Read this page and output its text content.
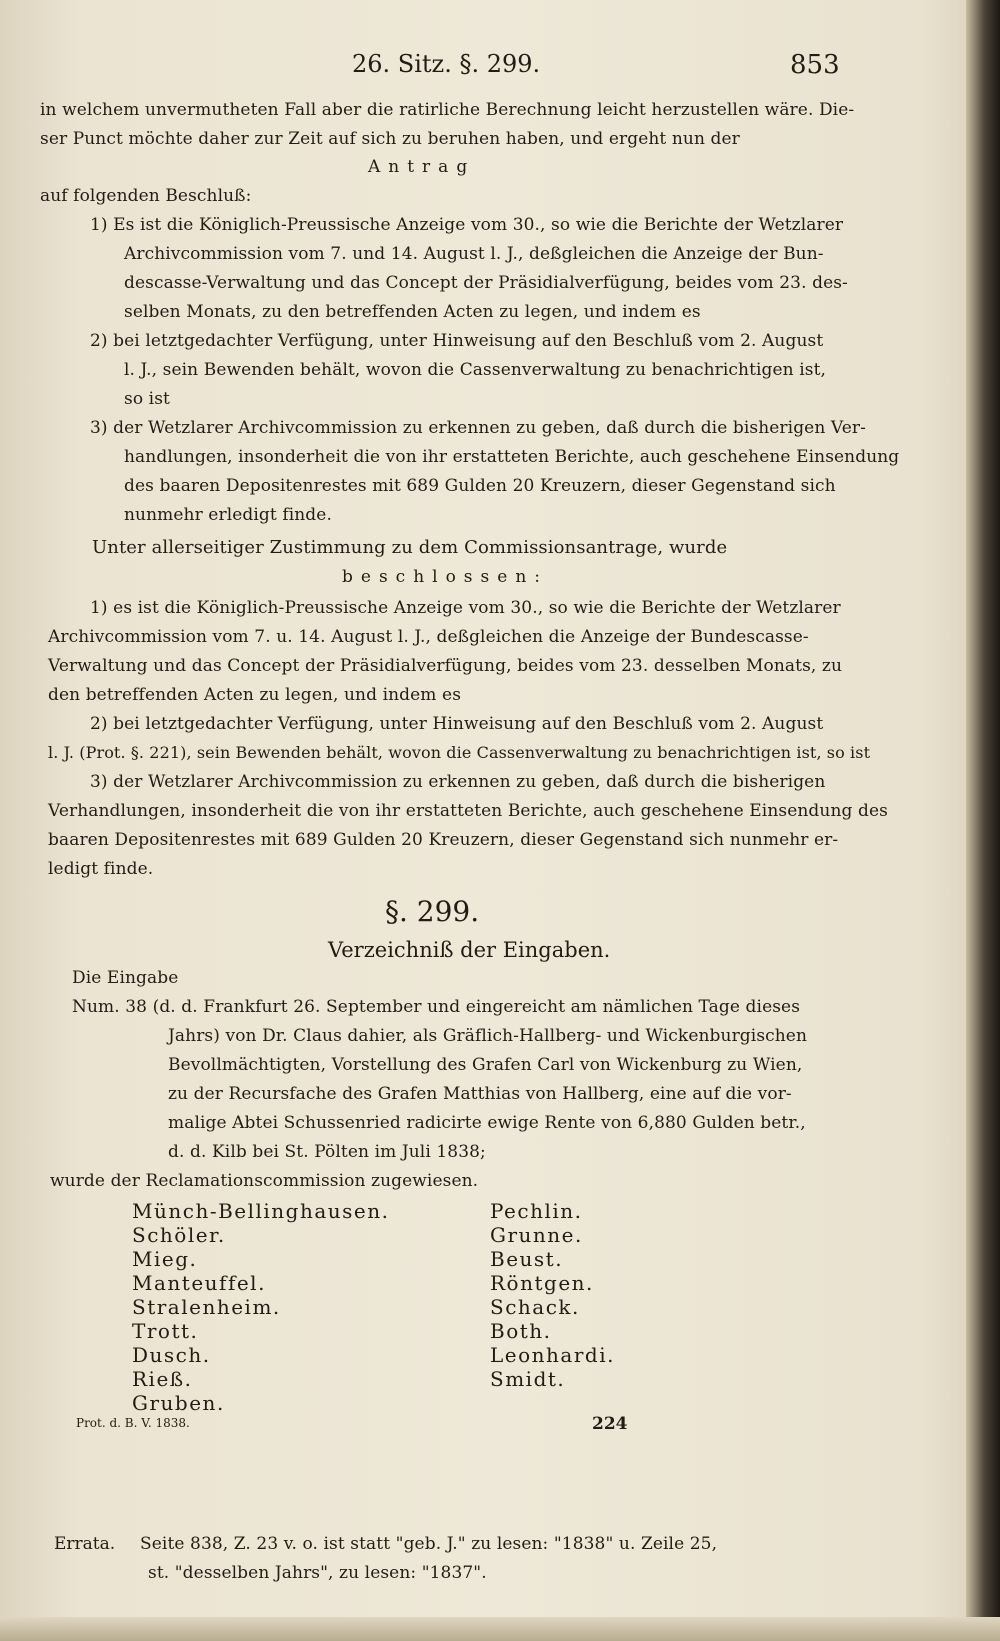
26. Sitz. §. 299.	853
in welchem unvermutheten Fall aber die ratirliche Berechnung leicht herzustellen wäre. Die-
ser Punct möchte daher zur Zeit auf sich zu beruhen haben, und ergeht nun der
Antrag
auf folgenden Beschluß:
1) Es ist die Königlich-Preussische Anzeige vom 30., so wie die Berichte der Wetzlarer
Archivcommission vom 7. und 14. August l. J., deßgleichen die Anzeige der Bun-
descasse-Verwaltung und das Concept der Präsidialverfügung, beides vom 23. des-
selben Monats, zu den betreffenden Acten zu legen, und indem es
2) bei letztgedachter Verfügung, unter Hinweisung auf den Beschluß vom 2. August
l. J., sein Bewenden behält, wovon die Cassenverwaltung zu benachrichtigen ist,
so ist
3) der Wetzlarer Archivcommission zu erkennen zu geben, daß durch die bisherigen Ver-
handlungen, insonderheit die von ihr erstatteten Berichte, auch geschehene Einsendung
des baaren Depositenrestes mit 689 Gulden 20 Kreuzern, dieser Gegenstand sich
nunmehr erledigt finde.
Unter allerseitiger Zustimmung zu dem Commissionsantrage, wurde
beschlossen:
1) es ist die Königlich-Preussische Anzeige vom 30., so wie die Berichte der Wetzlarer
Archivcommission vom 7. u. 14. August l. J., deßgleichen die Anzeige der Bundescasse-
Verwaltung und das Concept der Präsidialverfügung, beides vom 23. desselben Monats, zu
den betreffenden Acten zu legen, und indem es
2) bei letztgedachter Verfügung, unter Hinweisung auf den Beschluß vom 2. August
l. J. (Prot. §. 221), sein Bewenden behält, wovon die Cassenverwaltung zu benachrichtigen ist, so ist
3) der Wetzlarer Archivcommission zu erkennen zu geben, daß durch die bisherigen
Verhandlungen, insonderheit die von ihr erstatteten Berichte, auch geschehene Einsendung des
baaren Depositenrestes mit 689 Gulden 20 Kreuzern, dieser Gegenstand sich nunmehr er-
ledigt finde.
§. 299.
Verzeichniß der Eingaben.
Die Eingabe
Num. 38 (d. d. Frankfurt 26. September und eingereicht am nämlichen Tage dieses
Jahrs) von Dr. Claus dahier, als Gräflich-Hallberg- und Wickenburgischen
Bevollmächtigten, Vorstellung des Grafen Carl von Wickenburg zu Wien,
zu der Recursfache des Grafen Matthias von Hallberg, eine auf die vor-
malige Abtei Schussenried radicirte ewige Rente von 6,880 Gulden betr.,
d. d. Kilb bei St. Pölten im Juli 1838;
wurde der Reclamationscommission zugewiesen.
Münch-Bellinghausen.
Schöler.
Mieg.
Manteuffel.
Stralenheim.
Trott.
Dusch.
Rieß.
Gruben.
Pechlin.
Grunne.
Beust.
Röntgen.
Schack.
Both.
Leonhardi.
Smidt.
Prot. d. B. V. 1838.	224
Errata. Seite 838, Z. 23 v. o. ist statt "geb. J." zu lesen: "1838" u. Zeile 25,
st. "desselben Jahrs", zu lesen: "1837".
